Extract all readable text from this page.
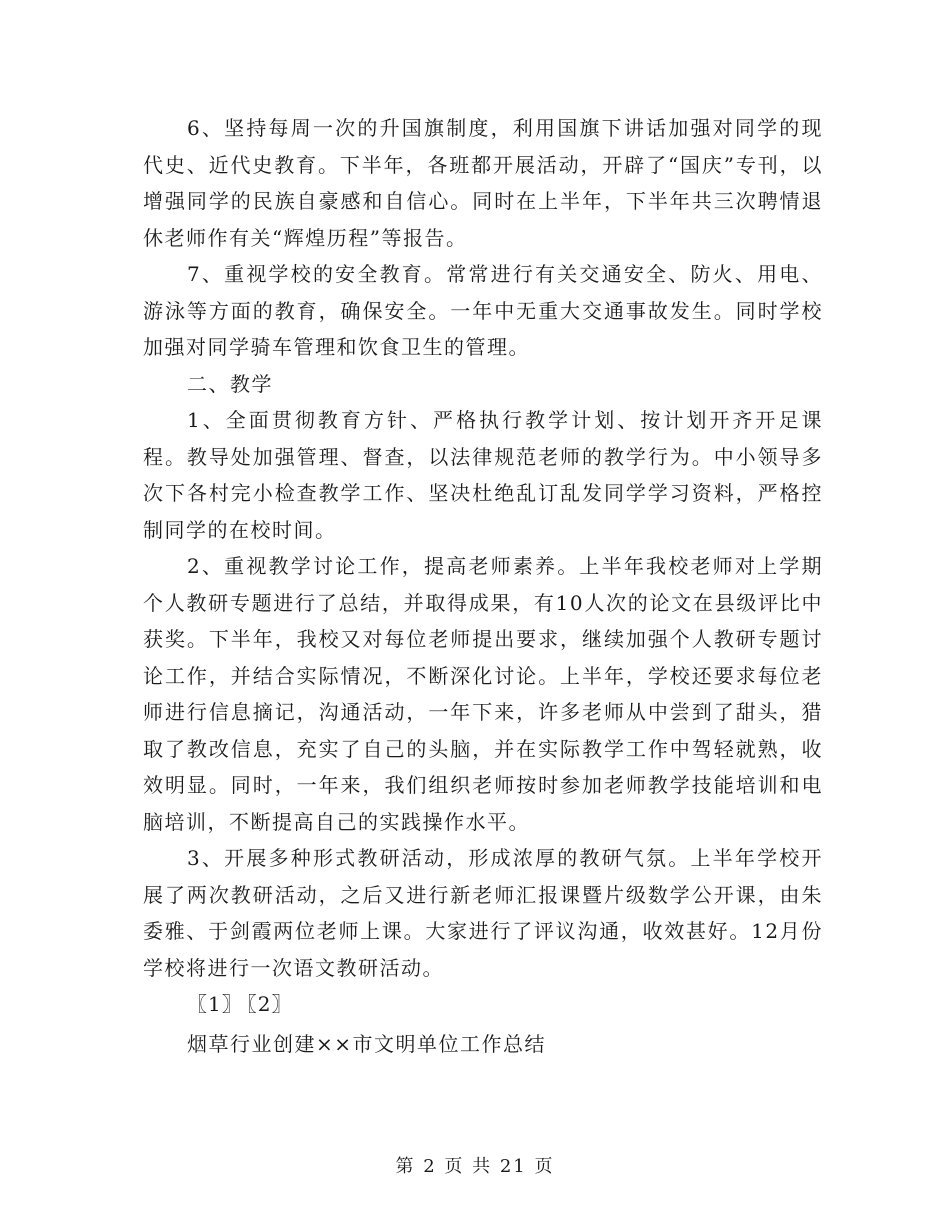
6、坚持每周一次的升国旗制度，利用国旗下讲话加强对同学的现代史、近代史教育。下半年，各班都开展活动，开辟了“国庆”专刊，以增强同学的民族自豪感和自信心。同时在上半年，下半年共三次聘情退休老师作有关“辉煌历程”等报告。

7、重视学校的安全教育。常常进行有关交通安全、防火、用电、游泳等方面的教育，确保安全。一年中无重大交通事故发生。同时学校加强对同学骑车管理和饮食卫生的管理。

二、教学

1、全面贯彻教育方针、严格执行教学计划、按计划开齐开足课程。教导处加强管理、督查，以法律规范老师的教学行为。中小领导多次下各村完小检查教学工作、坚决杜绝乱订乱发同学学习资料，严格控制同学的在校时间。

2、重视教学讨论工作，提高老师素养。上半年我校老师对上学期个人教研专题进行了总结，并取得成果，有10人次的论文在县级评比中获奖。下半年，我校又对每位老师提出要求，继续加强个人教研专题讨论工作，并结合实际情况，不断深化讨论。上半年，学校还要求每位老师进行信息摘记，沟通活动，一年下来，许多老师从中尝到了甜头，猎取了教改信息，充实了自己的头脑，并在实际教学工作中驾轻就熟，收效明显。同时，一年来，我们组织老师按时参加老师教学技能培训和电脑培训，不断提高自己的实践操作水平。

3、开展多种形式教研活动，形成浓厚的教研气氛。上半年学校开展了两次教研活动，之后又进行新老师汇报课暨片级数学公开课，由朱委雅、于剑霞两位老师上课。大家进行了评议沟通，收效甚好。12月份学校将进行一次语文教研活动。

〖1〗 〖2〗

烟草行业创建××市文明单位工作总结

第 2 页 共 21 页
